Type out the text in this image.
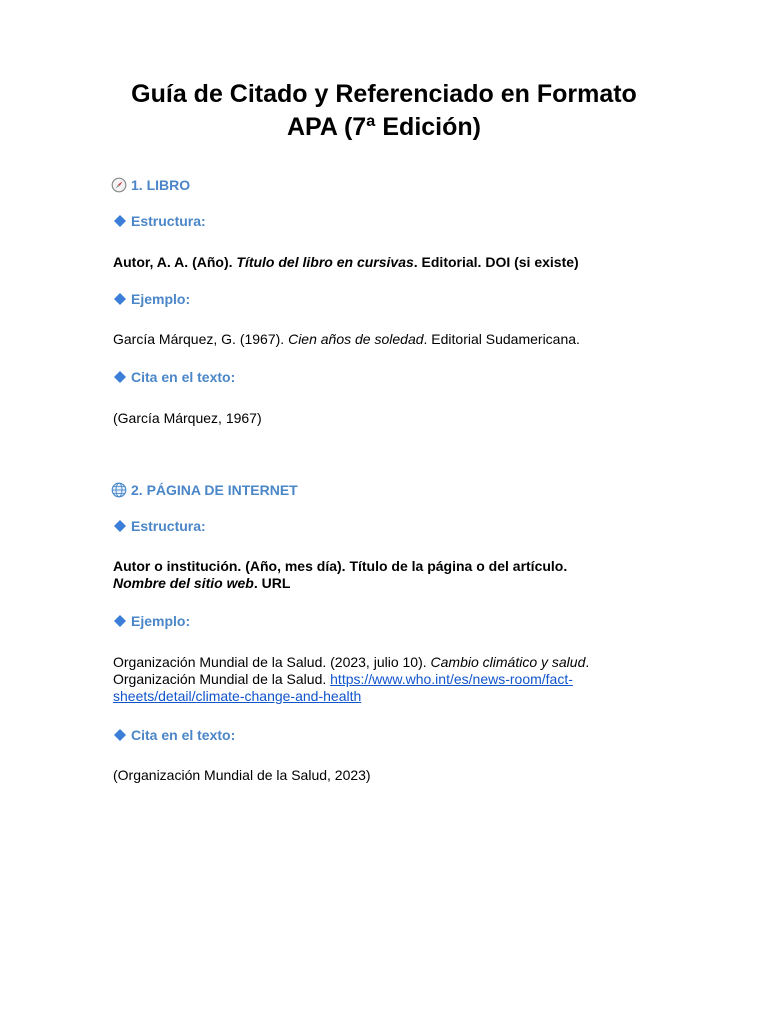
Guía de Citado y Referenciado en Formato
APA (7ª Edición)
1. LIBRO
Estructura:
Autor, A. A. (Año). Título del libro en cursivas. Editorial. DOI (si existe)
Ejemplo:
García Márquez, G. (1967). Cien años de soledad. Editorial Sudamericana.
Cita en el texto:
(García Márquez, 1967)
2. PÁGINA DE INTERNET
Estructura:
Autor o institución. (Año, mes día). Título de la página o del artículo.
Nombre del sitio web. URL
Ejemplo:
Organización Mundial de la Salud. (2023, julio 10). Cambio climático y salud.
Organización Mundial de la Salud. https://www.who.int/es/news-room/fact-
sheets/detail/climate-change-and-health
Cita en el texto:
(Organización Mundial de la Salud, 2023)
